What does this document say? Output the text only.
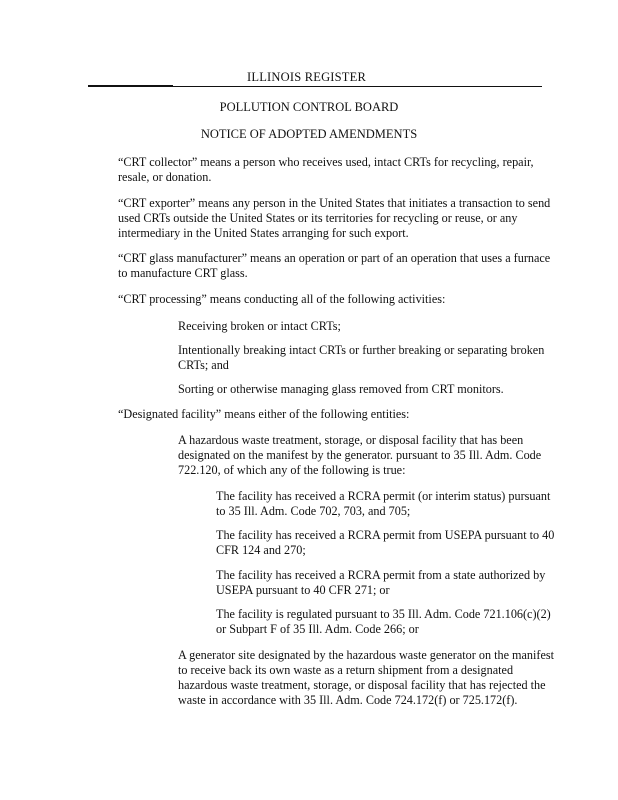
ILLINOIS REGISTER
POLLUTION CONTROL BOARD
NOTICE OF ADOPTED AMENDMENTS
“CRT collector” means a person who receives used, intact CRTs for recycling, repair, resale, or donation.
“CRT exporter” means any person in the United States that initiates a transaction to send used CRTs outside the United States or its territories for recycling or reuse, or any intermediary in the United States arranging for such export.
“CRT glass manufacturer” means an operation or part of an operation that uses a furnace to manufacture CRT glass.
“CRT processing” means conducting all of the following activities:
Receiving broken or intact CRTs;
Intentionally breaking intact CRTs or further breaking or separating broken CRTs; and
Sorting or otherwise managing glass removed from CRT monitors.
“Designated facility” means either of the following entities:
A hazardous waste treatment, storage, or disposal facility that has been designated on the manifest by the generator. pursuant to 35 Ill. Adm. Code 722.120, of which any of the following is true:
The facility has received a RCRA permit (or interim status) pursuant to 35 Ill. Adm. Code 702, 703, and 705;
The facility has received a RCRA permit from USEPA pursuant to 40 CFR 124 and 270;
The facility has received a RCRA permit from a state authorized by USEPA pursuant to 40 CFR 271; or
The facility is regulated pursuant to 35 Ill. Adm. Code 721.106(c)(2) or Subpart F of 35 Ill. Adm. Code 266; or
A generator site designated by the hazardous waste generator on the manifest to receive back its own waste as a return shipment from a designated hazardous waste treatment, storage, or disposal facility that has rejected the waste in accordance with 35 Ill. Adm. Code 724.172(f) or 725.172(f).
